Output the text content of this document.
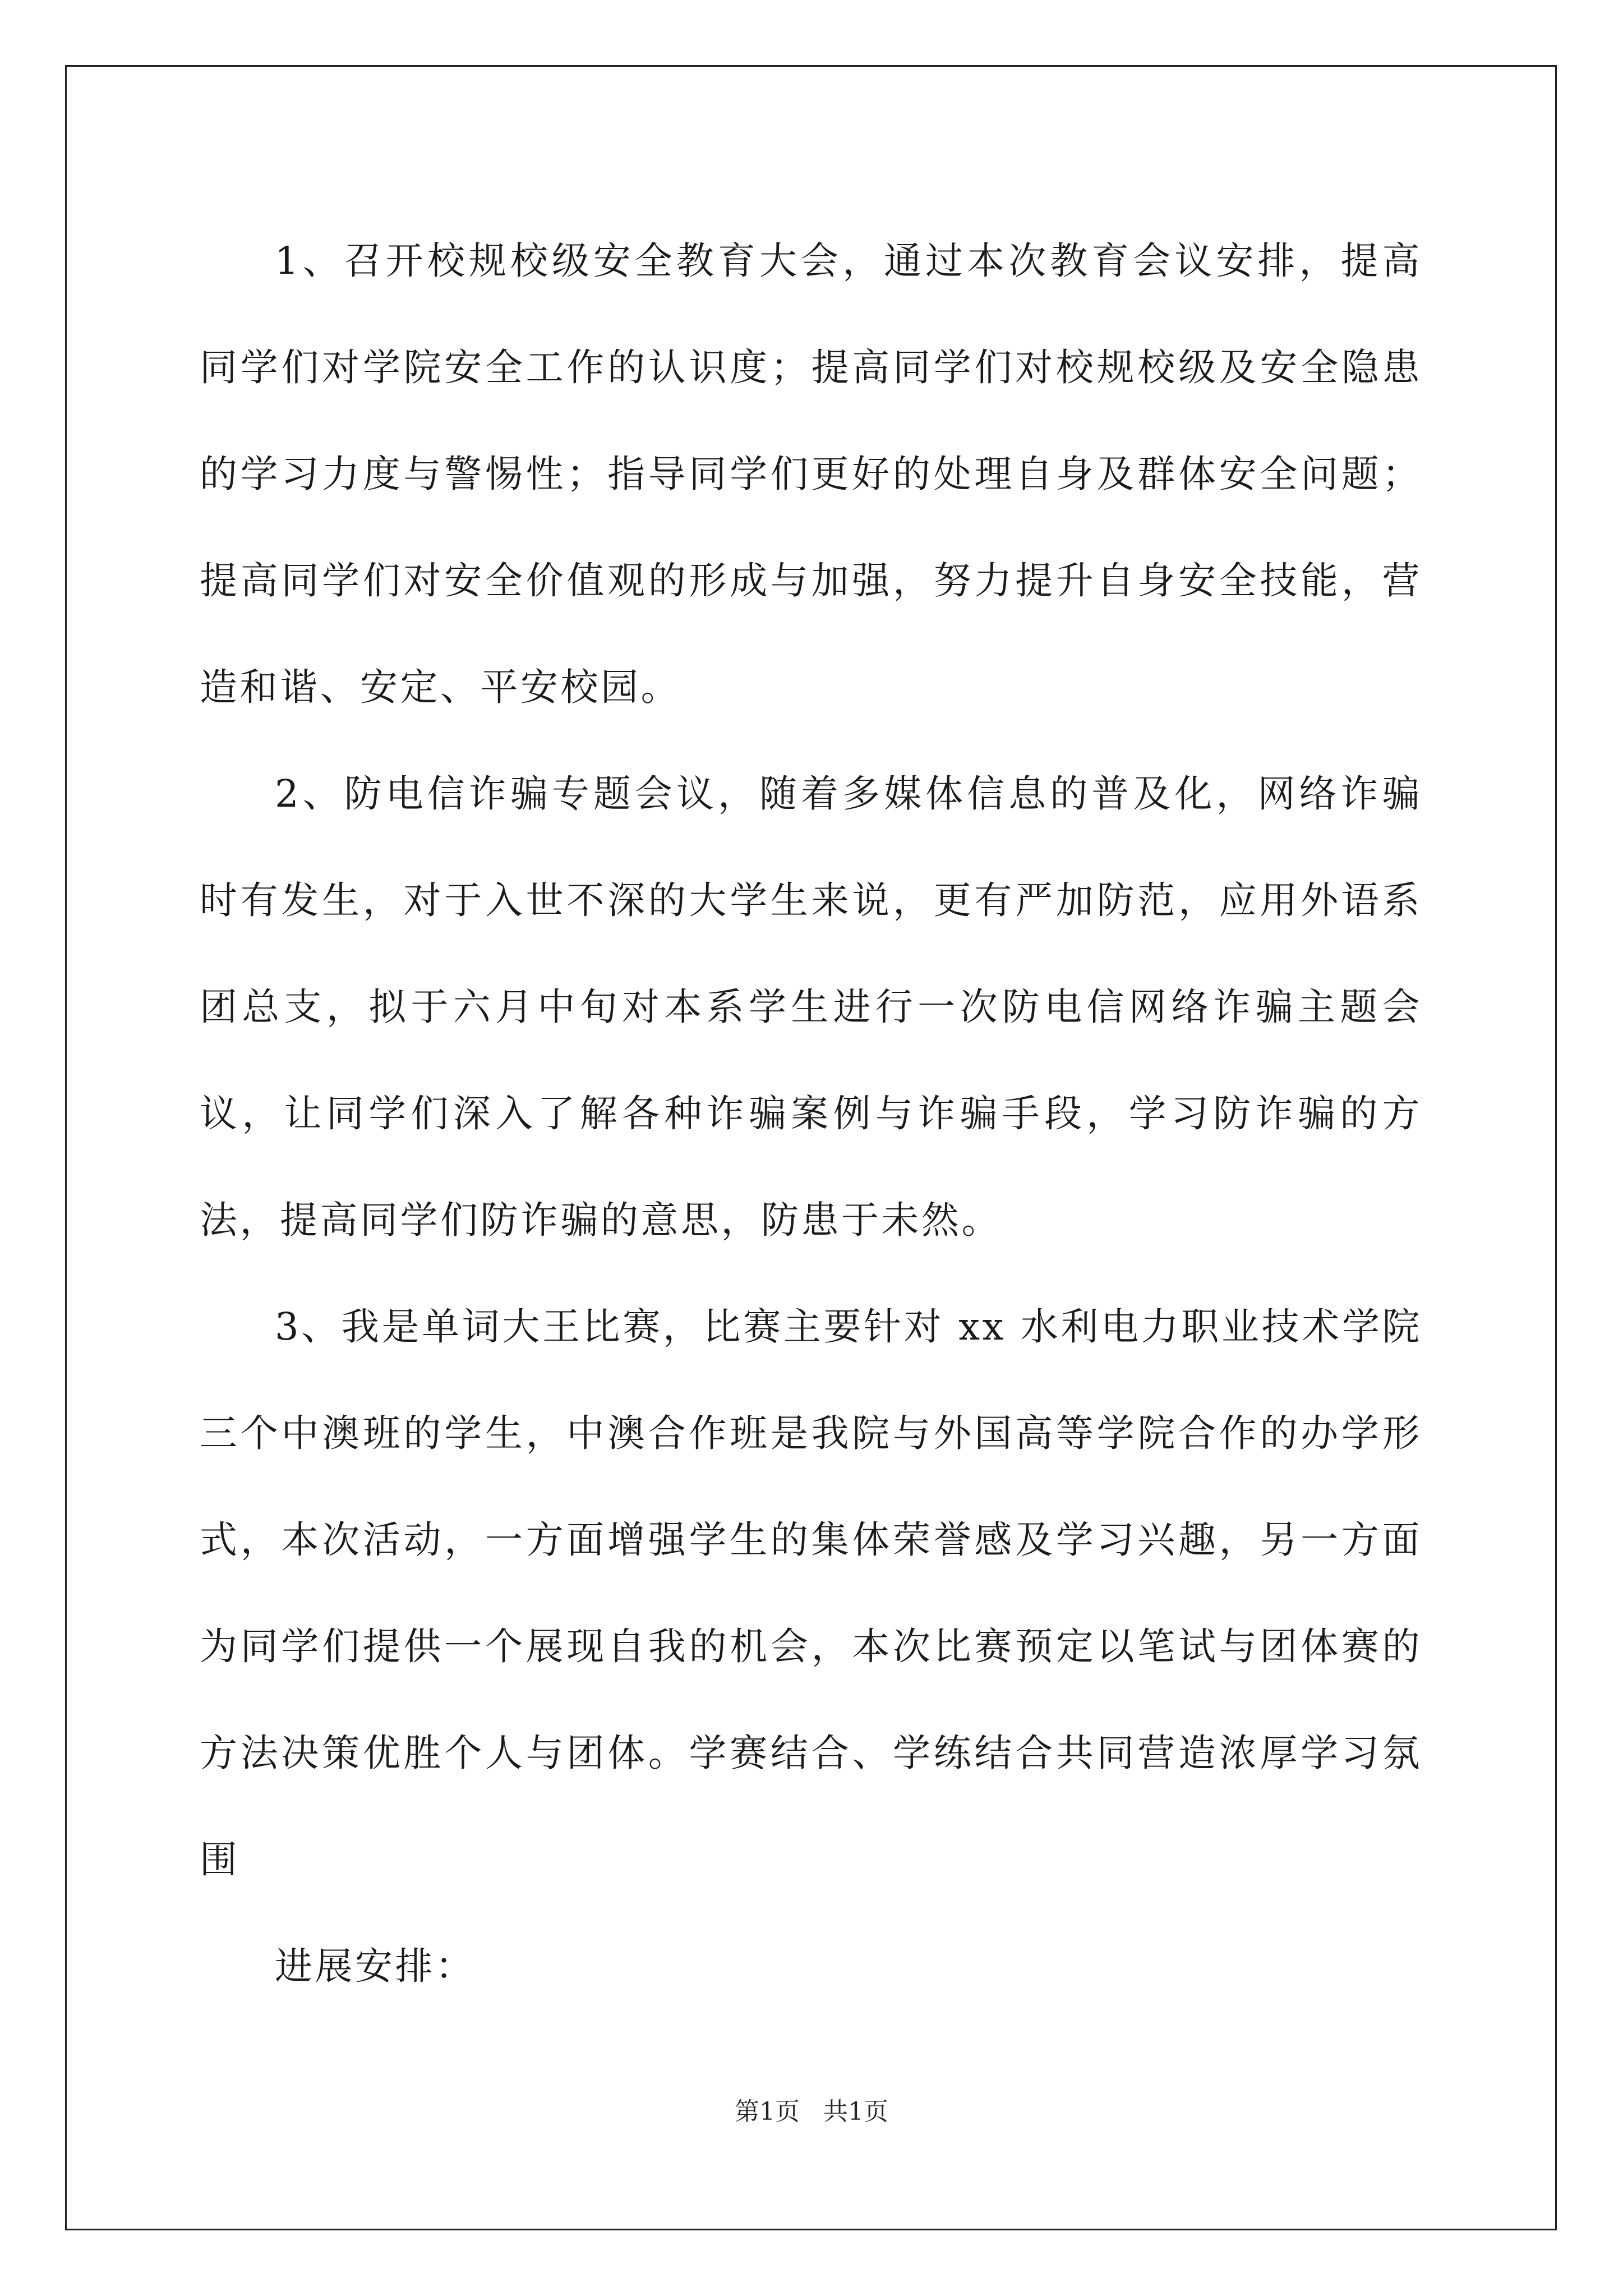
1、召开校规校级安全教育大会，通过本次教育会议安排，提高同学们对学院安全工作的认识度；提高同学们对校规校级及安全隐患的学习力度与警惕性；指导同学们更好的处理自身及群体安全问题；提高同学们对安全价值观的形成与加强，努力提升自身安全技能，营造和谐、安定、平安校园。

2、防电信诈骗专题会议，随着多媒体信息的普及化，网络诈骗时有发生，对于入世不深的大学生来说，更有严加防范，应用外语系团总支，拟于六月中旬对本系学生进行一次防电信网络诈骗主题会议，让同学们深入了解各种诈骗案例与诈骗手段，学习防诈骗的方法，提高同学们防诈骗的意思，防患于未然。

3、我是单词大王比赛，比赛主要针对 xx 水利电力职业技术学院三个中澳班的学生，中澳合作班是我院与外国高等学院合作的办学形式，本次活动，一方面增强学生的集体荣誉感及学习兴趣，另一方面为同学们提供一个展现自我的机会，本次比赛预定以笔试与团体赛的方法决策优胜个人与团体。学赛结合、学练结合共同营造浓厚学习氛围

进展安排：

第1页   共1页
